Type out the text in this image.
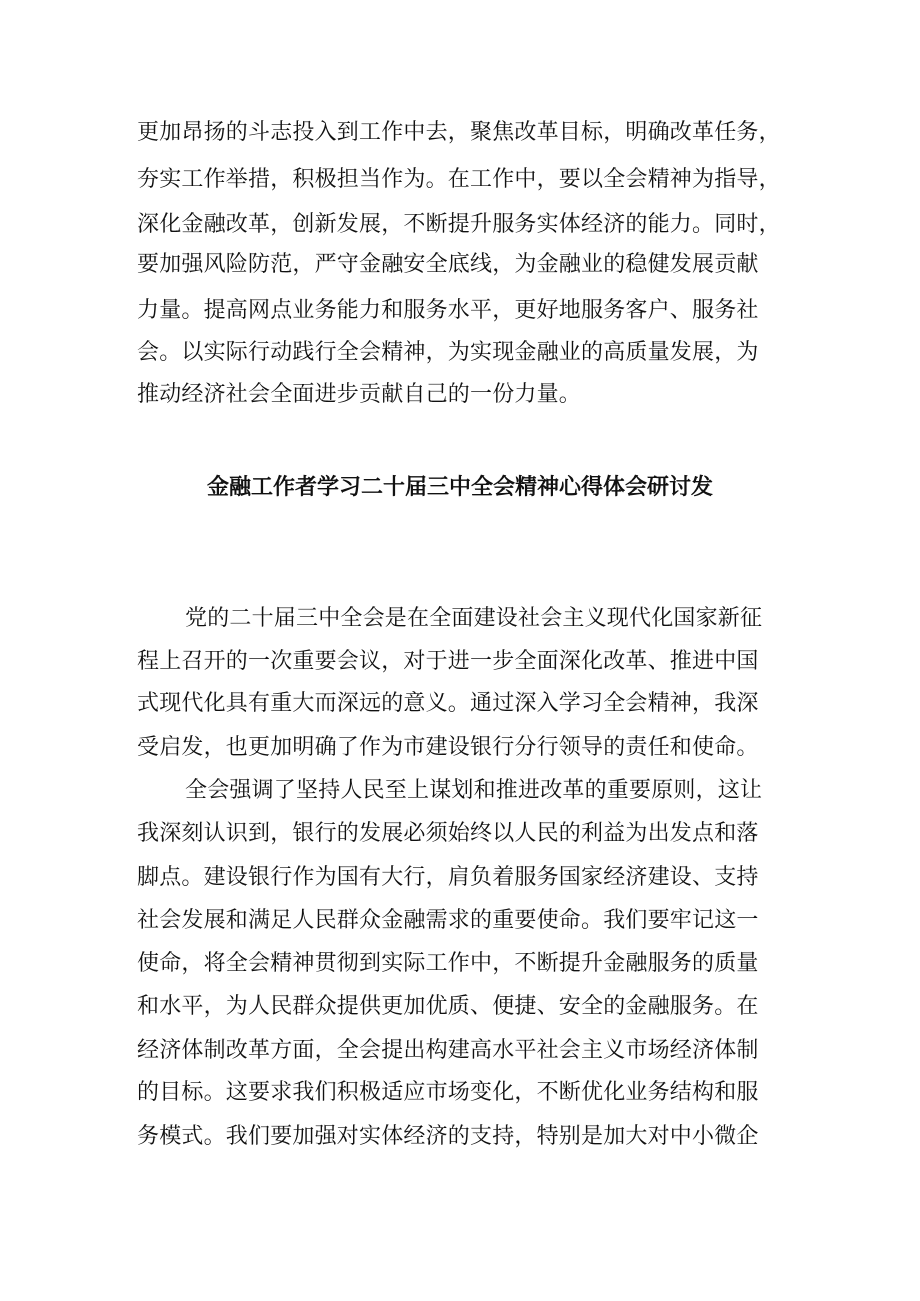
更加昂扬的斗志投入到工作中去，聚焦改革目标，明确改革任务，
夯实工作举措，积极担当作为。在工作中，要以全会精神为指导，
深化金融改革，创新发展，不断提升服务实体经济的能力。同时，
要加强风险防范，严守金融安全底线，为金融业的稳健发展贡献
力量。提高网点业务能力和服务水平，更好地服务客户、服务社
会。以实际行动践行全会精神，为实现金融业的高质量发展，为
推动经济社会全面进步贡献自己的一份力量。
金融工作者学习二十届三中全会精神心得体会研讨发
党的二十届三中全会是在全面建设社会主义现代化国家新征
程上召开的一次重要会议，对于进一步全面深化改革、推进中国
式现代化具有重大而深远的意义。通过深入学习全会精神，我深
受启发，也更加明确了作为市建设银行分行领导的责任和使命。
全会强调了坚持人民至上谋划和推进改革的重要原则，这让
我深刻认识到，银行的发展必须始终以人民的利益为出发点和落
脚点。建设银行作为国有大行，肩负着服务国家经济建设、支持
社会发展和满足人民群众金融需求的重要使命。我们要牢记这一
使命，将全会精神贯彻到实际工作中，不断提升金融服务的质量
和水平，为人民群众提供更加优质、便捷、安全的金融服务。在
经济体制改革方面，全会提出构建高水平社会主义市场经济体制
的目标。这要求我们积极适应市场变化，不断优化业务结构和服
务模式。我们要加强对实体经济的支持，特别是加大对中小微企
